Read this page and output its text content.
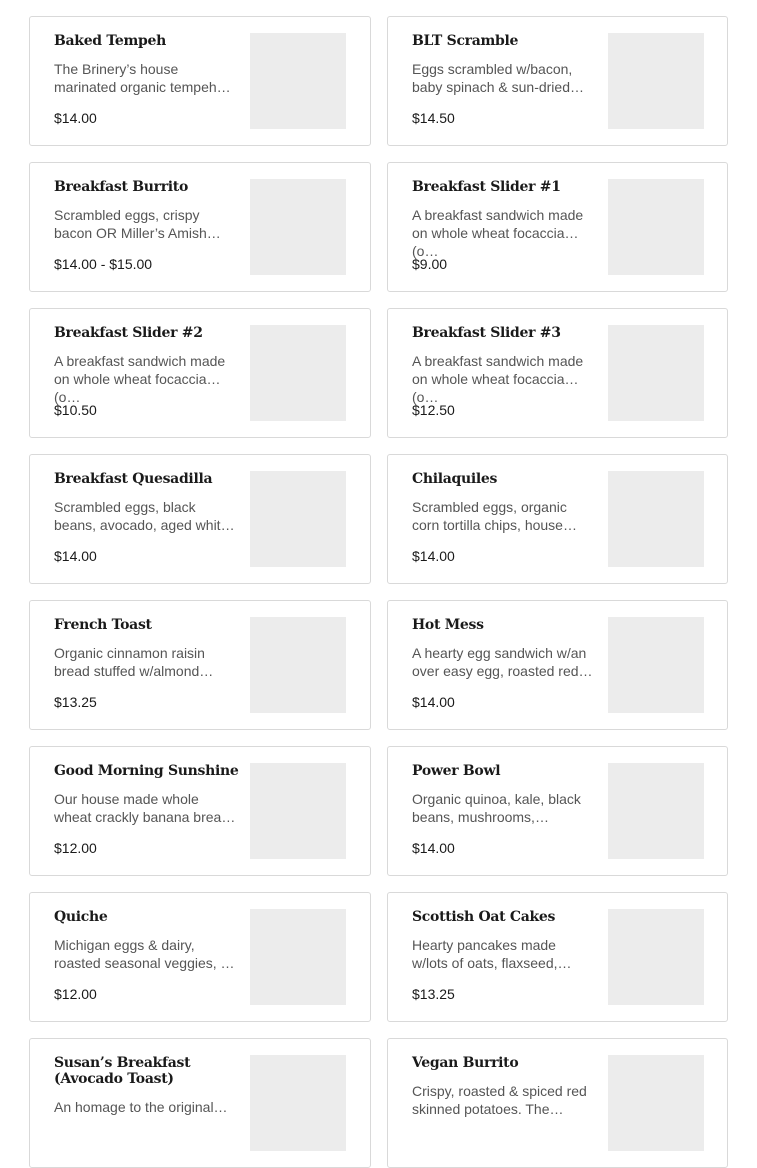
Baked Tempeh
The Brinery’s house marinated organic tempeh…
$14.00
BLT Scramble
Eggs scrambled w/bacon, baby spinach & sun-dried…
$14.50
Breakfast Burrito
Scrambled eggs, crispy bacon OR Miller’s Amish…
$14.00 - $15.00
Breakfast Slider #1
A breakfast sandwich made on whole wheat focaccia (o…
$9.00
Breakfast Slider #2
A breakfast sandwich made on whole wheat focaccia (o…
$10.50
Breakfast Slider #3
A breakfast sandwich made on whole wheat focaccia (o…
$12.50
Breakfast Quesadilla
Scrambled eggs, black beans, avocado, aged whit…
$14.00
Chilaquiles
Scrambled eggs, organic corn tortilla chips, house…
$14.00
French Toast
Organic cinnamon raisin bread stuffed w/almond…
$13.25
Hot Mess
A hearty egg sandwich w/an over easy egg, roasted red…
$14.00
Good Morning Sunshine
Our house made whole wheat crackly banana brea…
$12.00
Power Bowl
Organic quinoa, kale, black beans, mushrooms,…
$14.00
Quiche
Michigan eggs & dairy, roasted seasonal veggies, …
$12.00
Scottish Oat Cakes
Hearty pancakes made w/lots of oats, flaxseed,…
$13.25
Susan’s Breakfast (Avocado Toast)
An homage to the original…
Vegan Burrito
Crispy, roasted & spiced red skinned potatoes. The…
